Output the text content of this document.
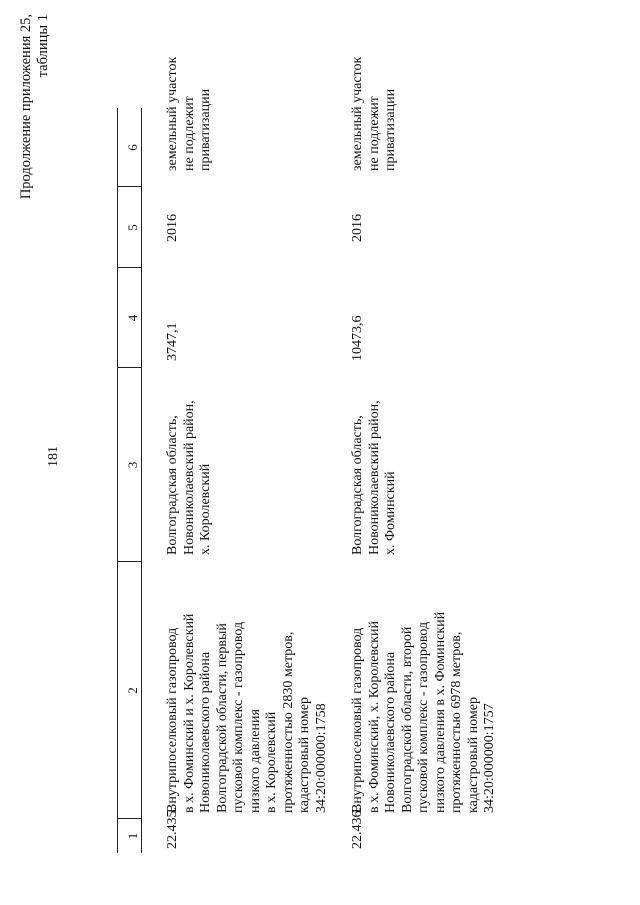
181
Продолжение приложения 25, таблицы 1
1
2
3
4
5
6
22.435.
Внутрипоселковый газопровод
в х. Фоминский и х. Королевский
Новониколаевского района
Волгоградской области, первый
пусковой комплекс - газопровод
низкого давления
в х. Королевский
протяженностью 2830 метров,
кадастровый номер
34:20:000000:1758
Волгоградская область,
Новониколаевский район,
х. Королевский
3747,1
2016
земельный участок
не подлежит
приватизации
22.436.
Внутрипоселковый газопровод
в х. Фоминский, х. Королевский
Новониколаевского района
Волгоградской области, второй
пусковой комплекс - газопровод
низкого давления в х. Фоминский
протяженностью 6978 метров,
кадастровый номер
34:20:000000:1757
Волгоградская область,
Новониколаевский район,
х. Фоминский
10473,6
2016
земельный участок
не подлежит
приватизации
